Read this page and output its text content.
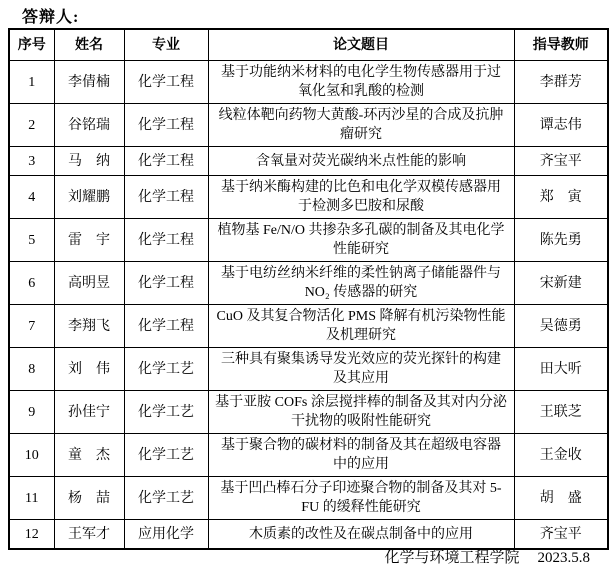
答辩人:
序号	姓名	专业	论文题目	指导教师
1	李倩楠	化学工程	基于功能纳米材料的电化学生物传感器用于过氧化氢和乳酸的检测	李群芳
2	谷铭瑞	化学工程	线粒体靶向药物大黄酸-环丙沙星的合成及抗肿瘤研究	谭志伟
3	马　纳	化学工程	含氧量对荧光碳纳米点性能的影响	齐宝平
4	刘耀鹏	化学工程	基于纳米酶构建的比色和电化学双模传感器用于检测多巴胺和尿酸	郑　寅
5	雷　宇	化学工程	植物基 Fe/N/O 共掺杂多孔碳的制备及其电化学性能研究	陈先勇
6	高明昱	化学工程	基于电纺丝纳米纤维的柔性钠离子储能器件与 NO₂ 传感器的研究	宋新建
7	李翔飞	化学工程	CuO 及其复合物活化 PMS 降解有机污染物性能及机理研究	吴德勇
8	刘　伟	化学工艺	三种具有聚集诱导发光效应的荧光探针的构建及其应用	田大听
9	孙佳宁	化学工艺	基于亚胺 COFs 涂层搅拌棒的制备及其对内分泌干扰物的吸附性能研究	王联芝
10	童　杰	化学工艺	基于聚合物的碳材料的制备及其在超级电容器中的应用	王金收
11	杨　喆	化学工艺	基于凹凸棒石分子印迹聚合物的制备及其对 5-FU 的缓释性能研究	胡　盛
12	王军才	应用化学	木质素的改性及在碳点制备中的应用	齐宝平
化学与环境工程学院 2023.5.8
